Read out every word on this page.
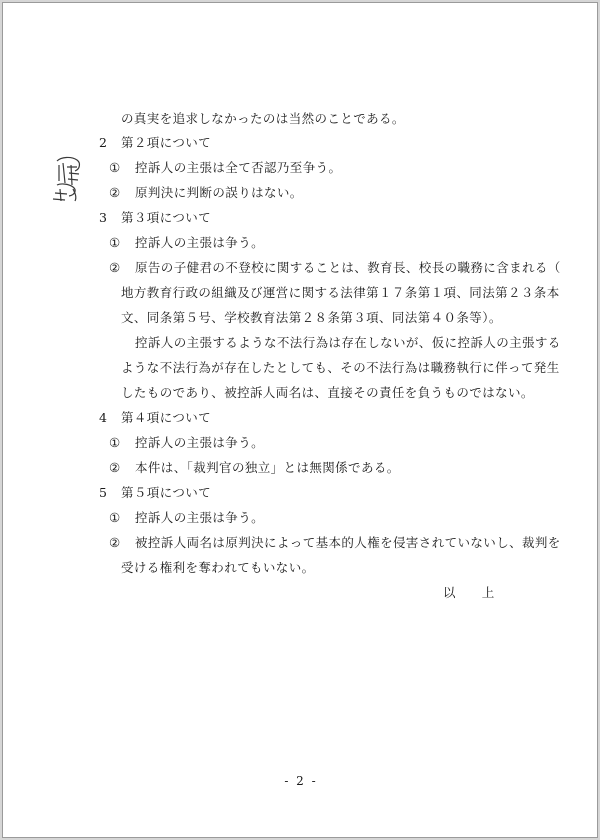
の真実を追求しなかったのは当然のことである。
2 第２項について
① 控訴人の主張は全て否認乃至争う。
② 原判決に判断の誤りはない。
3 第３項について
① 控訴人の主張は争う。
② 原告の子健君の不登校に関することは、教育長、校長の職務に含まれる（
地方教育行政の組織及び運営に関する法律第１７条第１項、同法第２３条本
文、同条第５号、学校教育法第２８条第３項、同法第４０条等）。
控訴人の主張するような不法行為は存在しないが、仮に控訴人の主張する
ような不法行為が存在したとしても、その不法行為は職務執行に伴って発生
したものであり、被控訴人両名は、直接その責任を負うものではない。
4 第４項について
① 控訴人の主張は争う。
② 本件は、「裁判官の独立」とは無関係である。
5 第５項について
① 控訴人の主張は争う。
② 被控訴人両名は原判決によって基本的人権を侵害されていないし、裁判を
受ける権利を奪われてもいない。
以　　上
- 2 -
